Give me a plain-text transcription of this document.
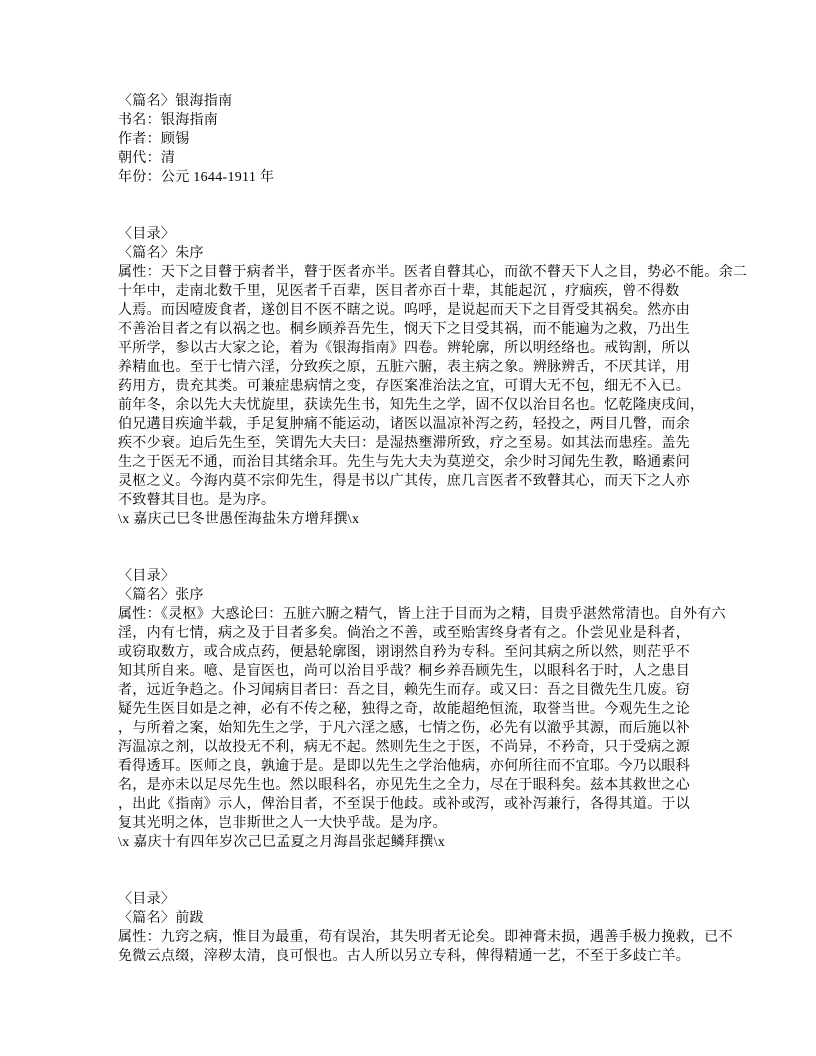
〈篇名〉银海指南
书名：银海指南
作者：顾锡
朝代：清
年份：公元 1644-1911 年
〈目录〉
〈篇名〉朱序
属性：天下之目瞽于病者半，瞽于医者亦半。医者自瞽其心，而欲不瞽天下人之目，势必不能。余二
十年中，走南北数千里，见医者千百辈，医目者亦百十辈，其能起沉 ，疗痼疾，曾不得数
人焉。而因噎废食者，遂创目不医不瞎之说。呜呼，是说起而天下之目胥受其祸矣。然亦由
不善治目者之有以祸之也。桐乡顾养吾先生，悯天下之目受其祸，而不能遍为之救，乃出生
平所学，参以古大家之论，着为《银海指南》四卷。辨轮廓，所以明经络也。戒钩割，所以
养精血也。至于七情六淫，分致疾之原，五脏六腑，表主病之象。辨脉辨舌，不厌其详，用
药用方，贵充其类。可兼症患病情之变，存医案准治法之宜，可谓大无不包，细无不入已。
前年冬，余以先大夫忧旋里，获读先生书，知先生之学，固不仅以治目名也。忆乾隆庚戌间，
伯兄遘目疾逾半载，手足复肿痛不能运动，诸医以温凉补泻之药，轻投之，两目几瞥，而余
疾不少衰。迫后先生至，笑谓先大夫曰：是湿热壅滞所致，疗之至易。如其法而患痊。盖先
生之于医无不通，而治目其绪余耳。先生与先大夫为莫逆交，余少时习闻先生教，略通素问
灵枢之义。今海内莫不宗仰先生，得是书以广其传，庶几言医者不致瞽其心，而天下之人亦
不致瞽其目也。是为序。
\x 嘉庆己巳冬世愚侄海盐朱方增拜撰\x
〈目录〉
〈篇名〉张序
属性：《灵枢》大惑论曰：五脏六腑之精气，皆上注于目而为之精，目贵乎湛然常清也。自外有六
淫，内有七情，病之及于目者多矣。倘治之不善，或至贻害终身者有之。仆尝见业是科者，
或窃取数方，或合成点药，便悬轮廓图，诩诩然自矜为专科。至问其病之所以然，则茫乎不
知其所自来。噫、是盲医也，尚可以治目乎哉？桐乡养吾顾先生，以眼科名于时，人之患目
者，远近争趋之。仆习闻病目者曰：吾之目，赖先生而存。或又曰：吾之目微先生几废。窃
疑先生医目如是之神，必有不传之秘，独得之奇，故能超绝恒流，取誉当世。今观先生之论
，与所着之案，始知先生之学，于凡六淫之感，七情之伤，必先有以澈乎其源，而后施以补
泻温凉之剂，以故投无不利，病无不起。然则先生之于医，不尚异，不矜奇，只于受病之源
看得透耳。医师之良，孰逾于是。是即以先生之学治他病，亦何所往而不宜耶。今乃以眼科
名，是亦未以足尽先生也。然以眼科名，亦见先生之全力，尽在于眼科矣。兹本其救世之心
，出此《指南》示人，俾治目者，不至误于他歧。或补或泻，或补泻兼行，各得其道。于以
复其光明之体，岂非斯世之人一大快乎哉。是为序。
\x 嘉庆十有四年岁次己巳孟夏之月海昌张起鳞拜撰\x
〈目录〉
〈篇名〉前跋
属性：九窍之病，惟目为最重，苟有误治，其失明者无论矣。即神膏未损，遇善手极力挽救，已不
免微云点缀，滓秽太清，良可恨也。古人所以另立专科，俾得精通一艺，不至于多歧亡羊。
